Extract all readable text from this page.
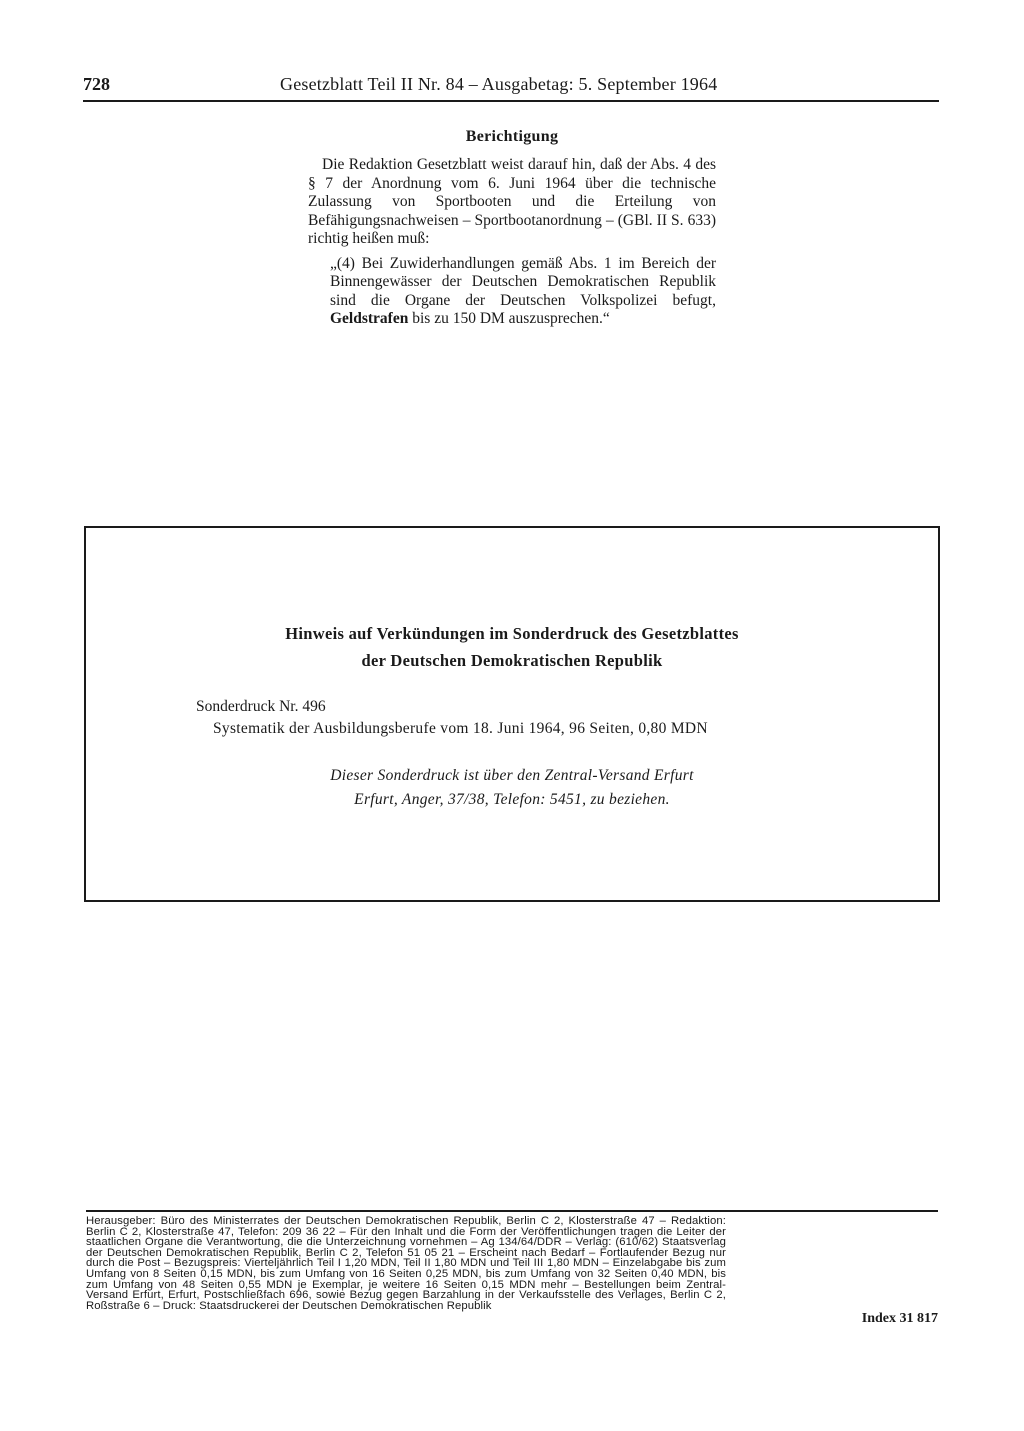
728	Gesetzblatt Teil II Nr. 84 – Ausgabetag: 5. September 1964
Berichtigung

Die Redaktion Gesetzblatt weist darauf hin, daß der Abs. 4 des § 7 der Anordnung vom 6. Juni 1964 über die technische Zulassung von Sportbooten und die Erteilung von Befähigungsnachweisen – Sportbootanordnung – (GBl. II S. 633) richtig heißen muß:

„(4) Bei Zuwiderhandlungen gemäß Abs. 1 im Bereich der Binnengewässer der Deutschen Demokratischen Republik sind die Organe der Deutschen Volkspolizei befugt, Geldstrafen bis zu 150 DM auszusprechen.“

Hinweis auf Verkündungen im Sonderdruck des Gesetzblattes
der Deutschen Demokratischen Republik
Sonderdruck Nr. 496
Systematik der Ausbildungsberufe vom 18. Juni 1964, 96 Seiten, 0,80 MDN
Dieser Sonderdruck ist über den Zentral-Versand Erfurt
Erfurt, Anger, 37/38, Telefon: 5451, zu beziehen.
Herausgeber: Büro des Ministerrates der Deutschen Demokratischen Republik, Berlin C 2, Klosterstraße 47 – Redaktion: Berlin C 2, Klosterstraße 47, Telefon: 209 36 22 – Für den Inhalt und die Form der Veröffentlichungen tragen die Leiter der staatlichen Organe die Verantwortung, die die Unterzeichnung vornehmen – Ag 134/64/DDR – Verlag: (610/62) Staatsverlag der Deutschen Demokratischen Republik, Berlin C 2, Telefon 51 05 21 – Erscheint nach Bedarf – Fortlaufender Bezug nur durch die Post – Bezugspreis: Vierteljährlich Teil I 1,20 MDN, Teil II 1,80 MDN und Teil III 1,80 MDN – Einzelabgabe bis zum Umfang von 8 Seiten 0,15 MDN, bis zum Umfang von 16 Seiten 0,25 MDN, bis zum Umfang von 32 Seiten 0,40 MDN, bis zum Umfang von 48 Seiten 0,55 MDN je Exemplar, je weitere 16 Seiten 0,15 MDN mehr – Bestellungen beim Zentral-Versand Erfurt, Erfurt, Postschließfach 696, sowie Bezug gegen Barzahlung in der Verkaufsstelle des Verlages, Berlin C 2, Roßstraße 6 – Druck: Staatsdruckerei der Deutschen Demokratischen Republik
Index 31 817
